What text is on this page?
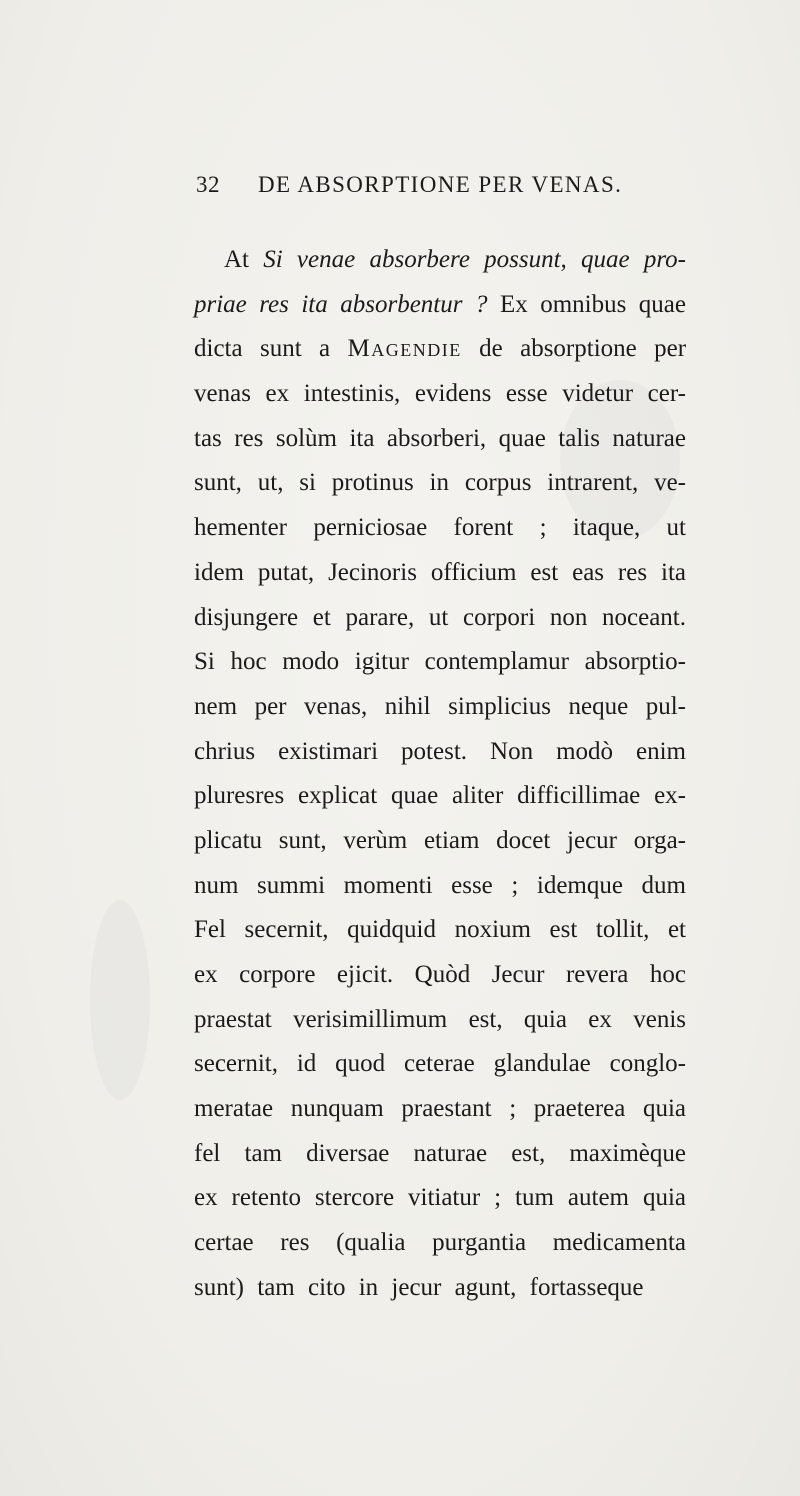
32 DE ABSORPTIONE PER VENAS.
At Si venae absorbere possunt, quae pro-
priae res ita absorbentur ? Ex omnibus quae
dicta sunt a Magendie de absorptione per
venas ex intestinis, evidens esse videtur cer-
tas res solùm ita absorberi, quae talis naturae
sunt, ut, si protinus in corpus intrarent, ve-
hementer perniciosae forent ; itaque, ut
idem putat, Jecinoris officium est eas res ita
disjungere et parare, ut corpori non noceant.
Si hoc modo igitur contemplamur absorptio-
nem per venas, nihil simplicius neque pul-
chrius existimari potest. Non modò enim
pluresres explicat quae aliter difficillimae ex-
plicatu sunt, verùm etiam docet jecur orga-
num summi momenti esse ; idemque dum
Fel secernit, quidquid noxium est tollit, et
ex corpore ejicit. Quòd Jecur revera hoc
praestat verisimillimum est, quia ex venis
secernit, id quod ceterae glandulae conglo-
meratae nunquam praestant ; praeterea quia
fel tam diversae naturae est, maximèque
ex retento stercore vitiatur ; tum autem quia
certae res (qualia purgantia medicamenta
sunt) tam cito in jecur agunt, fortasseque
